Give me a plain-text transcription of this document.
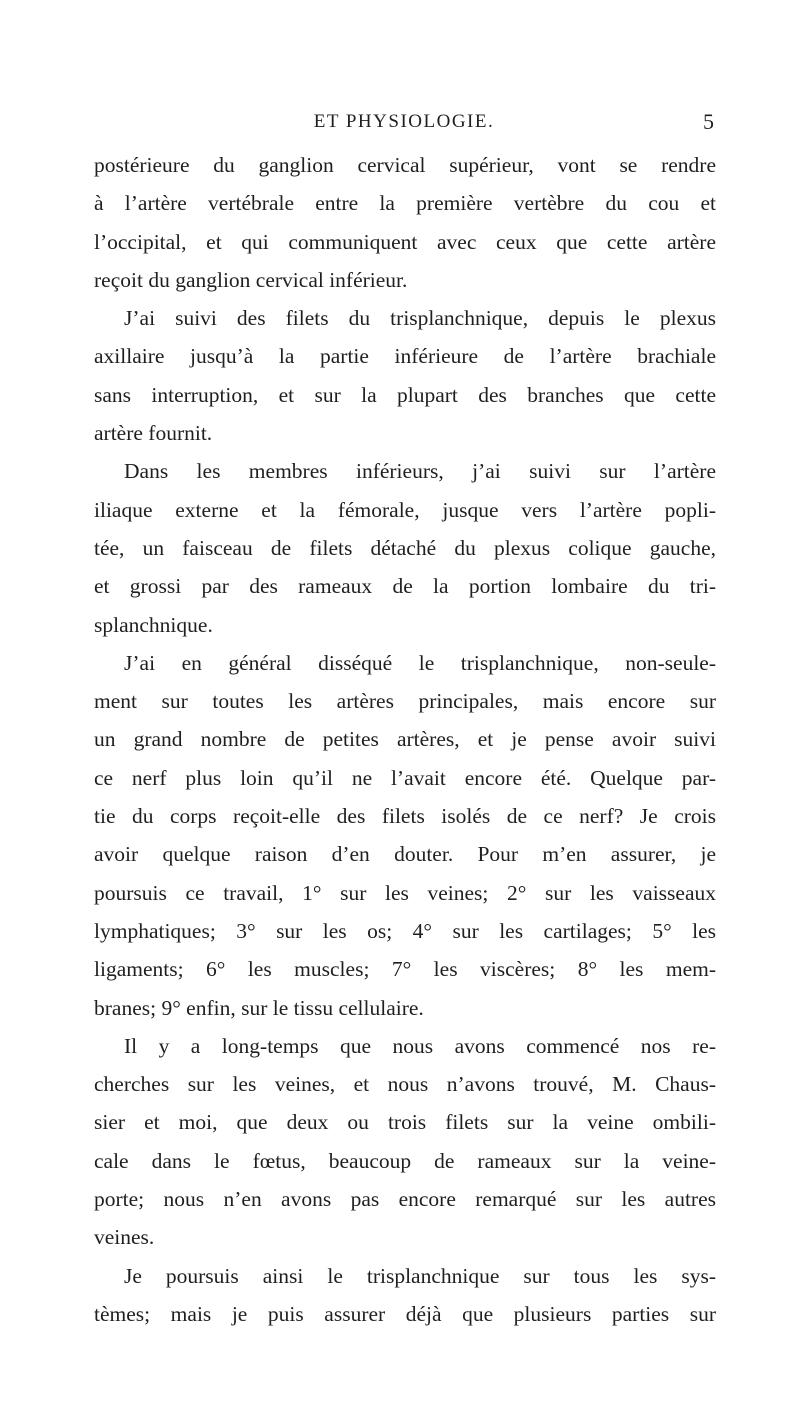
ET PHYSIOLOGIE.	5
postérieure du ganglion cervical supérieur, vont se rendre
à l’artère vertébrale entre la première vertèbre du cou et
l’occipital, et qui communiquent avec ceux que cette artère
reçoit du ganglion cervical inférieur.
J’ai suivi des filets du trisplanchnique, depuis le plexus
axillaire jusqu’à la partie inférieure de l’artère brachiale
sans interruption, et sur la plupart des branches que cette
artère fournit.
Dans les membres inférieurs, j’ai suivi sur l’artère
iliaque externe et la fémorale, jusque vers l’artère popli-
tée, un faisceau de filets détaché du plexus colique gauche,
et grossi par des rameaux de la portion lombaire du tri-
splanchnique.
J’ai en général disséqué le trisplanchnique, non-seule-
ment sur toutes les artères principales, mais encore sur
un grand nombre de petites artères, et je pense avoir suivi
ce nerf plus loin qu’il ne l’avait encore été. Quelque par-
tie du corps reçoit-elle des filets isolés de ce nerf? Je crois
avoir quelque raison d’en douter. Pour m’en assurer, je
poursuis ce travail, 1° sur les veines; 2° sur les vaisseaux
lymphatiques; 3° sur les os; 4° sur les cartilages; 5° les
ligaments; 6° les muscles; 7° les viscères; 8° les mem-
branes; 9° enfin, sur le tissu cellulaire.
Il y a long-temps que nous avons commencé nos re-
cherches sur les veines, et nous n’avons trouvé, M. Chaus-
sier et moi, que deux ou trois filets sur la veine ombili-
cale dans le fœtus, beaucoup de rameaux sur la veine-
porte; nous n’en avons pas encore remarqué sur les autres
veines.
Je poursuis ainsi le trisplanchnique sur tous les sys-
tèmes; mais je puis assurer déjà que plusieurs parties sur
